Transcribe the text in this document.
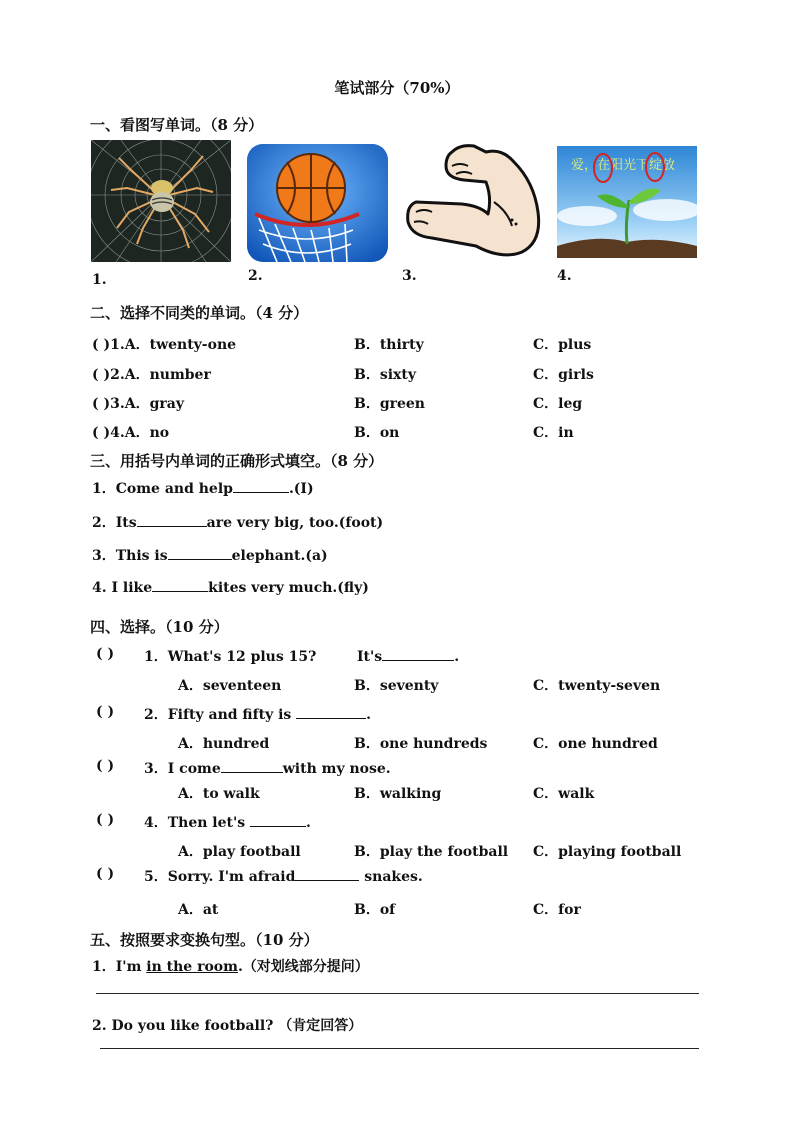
笔试部分（70%）
一、看图写单词。（8 分）
1.	2.	3.
爱，在阳光下绽放
4.
二、选择不同类的单词。（4 分）
( )1.A．twenty-one	B．thirty	C．plus
( )2.A．number	B．sixty	C．girls
( )3.A．gray	B．green	C．leg
( )4.A．no	B．on	C．in
三、用括号内单词的正确形式填空。（8 分）
1．Come and help	.(I)
2．Its	are very big, too.(foot)
3．This is	elephant.(a)
4. I like	kites very much.(fly)
四、选择。（10 分）
( ) 1．What's 12 plus 15?	It's	.
A．seventeen	B．seventy	C．twenty-seven
( ) 2．Fifty and fifty is	.
A．hundred	B．one hundreds	C．one hundred
( ) 3．I come	with my nose.
A．to walk	B．walking	C．walk
( ) 4．Then let's	.
A．play football	B．play the football C．playing football
( ) 5．Sorry. I'm afraid	snakes.
A．at	B．of	C．for
五、按照要求变换句型。（10 分）
1．I'm in the room.（对划线部分提问）
2. Do you like football? （肯定回答）
